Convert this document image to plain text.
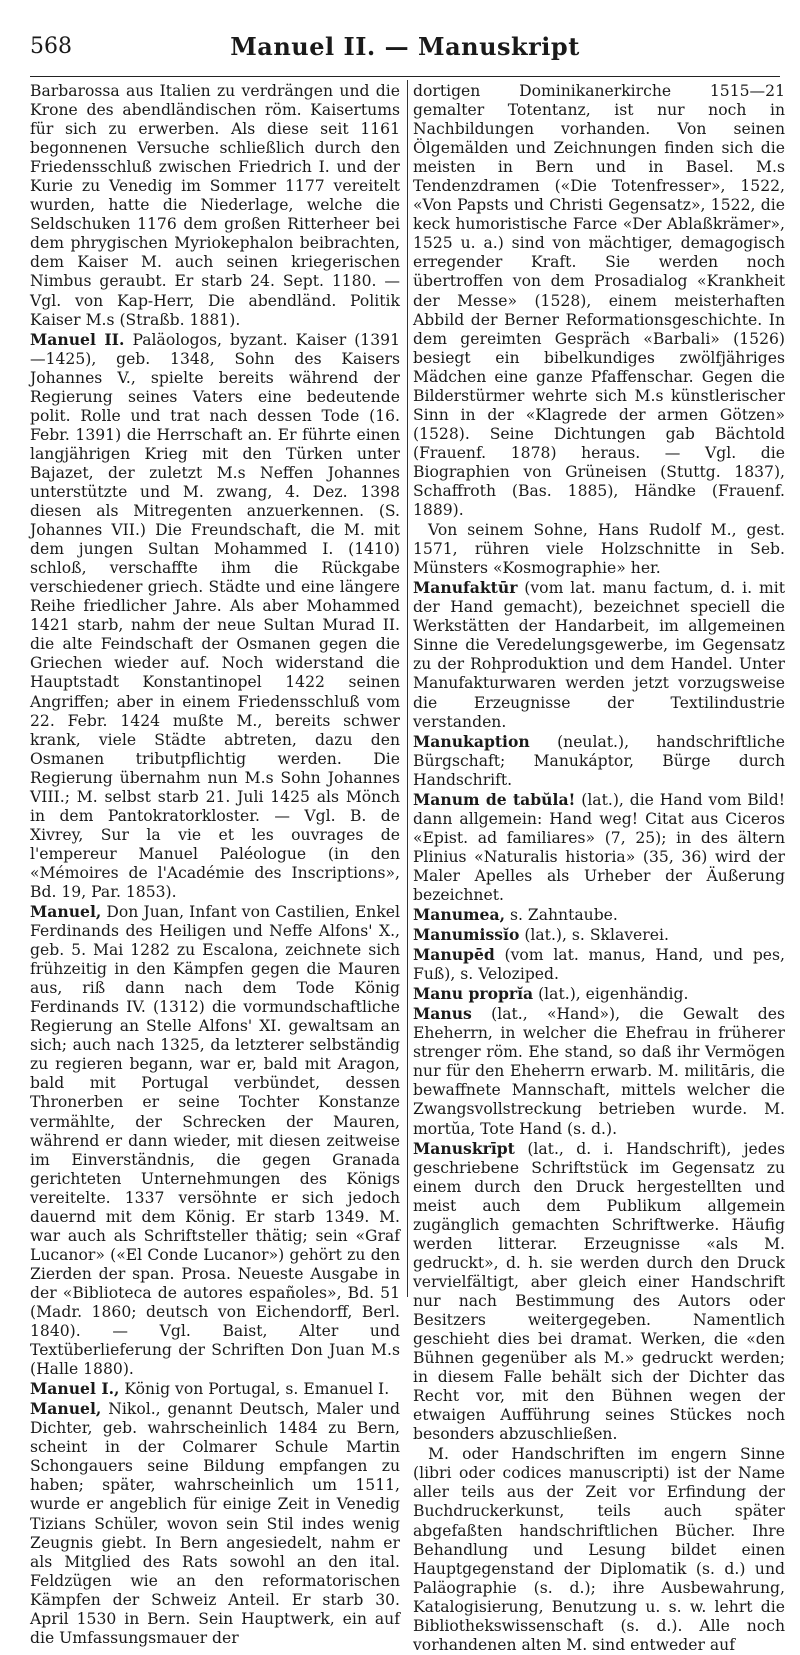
568	Manuel II. — Manuskript

Barbarossa aus Italien zu verdrängen und die Krone des abendländischen röm. Kaisertums für sich zu erwerben. Als diese seit 1161 begonnenen Versuche schließlich durch den Friedensschluß zwischen Friedrich I. und der Kurie zu Venedig im Sommer 1177 vereitelt wurden, hatte die Niederlage, welche die Seldschuken 1176 dem großen Ritterheer bei dem phrygischen Myriokephalon beibrachten, dem Kaiser M. auch seinen kriegerischen Nimbus geraubt. Er starb 24. Sept. 1180. — Vgl. von Kap-Herr, Die abendländ. Politik Kaiser M.s (Straßb. 1881).

Manuel II. Paläologos, byzant. Kaiser (1391—1425), geb. 1348, Sohn des Kaisers Johannes V., spielte bereits während der Regierung seines Vaters eine bedeutende polit. Rolle und trat nach dessen Tode (16. Febr. 1391) die Herrschaft an. Er führte einen langjährigen Krieg mit den Türken unter Bajazet, der zuletzt M.s Neffen Johannes unterstützte und M. zwang, 4. Dez. 1398 diesen als Mitregenten anzuerkennen. (S. Johannes VII.) Die Freundschaft, die M. mit dem jungen Sultan Mohammed I. (1410) schloß, verschaffte ihm die Rückgabe verschiedener griech. Städte und eine längere Reihe friedlicher Jahre. Als aber Mohammed 1421 starb, nahm der neue Sultan Murad II. die alte Feindschaft der Osmanen gegen die Griechen wieder auf. Noch widerstand die Hauptstadt Konstantinopel 1422 seinen Angriffen; aber in einem Friedensschluß vom 22. Febr. 1424 mußte M., bereits schwer krank, viele Städte abtreten, dazu den Osmanen tributpflichtig werden. Die Regierung übernahm nun M.s Sohn Johannes VIII.; M. selbst starb 21. Juli 1425 als Mönch in dem Pantokratorkloster. — Vgl. B. de Xivrey, Sur la vie et les ouvrages de l'empereur Manuel Paléologue (in den «Mémoires de l'Académie des Inscriptions», Bd. 19, Par. 1853).

Manuel, Don Juan, Infant von Castilien, Enkel Ferdinands des Heiligen und Neffe Alfons' X., geb. 5. Mai 1282 zu Escalona, zeichnete sich frühzeitig in den Kämpfen gegen die Mauren aus, riß dann nach dem Tode König Ferdinands IV. (1312) die vormundschaftliche Regierung an Stelle Alfons' XI. gewaltsam an sich; auch nach 1325, da letzterer selbständig zu regieren begann, war er, bald mit Aragon, bald mit Portugal verbündet, dessen Thronerben er seine Tochter Konstanze vermählte, der Schrecken der Mauren, während er dann wieder, mit diesen zeitweise im Einverständnis, die gegen Granada gerichteten Unternehmungen des Königs vereitelte. 1337 versöhnte er sich jedoch dauernd mit dem König. Er starb 1349. M. war auch als Schriftsteller thätig; sein «Graf Lucanor» («El Conde Lucanor») gehört zu den Zierden der span. Prosa. Neueste Ausgabe in der «Biblioteca de autores españoles», Bd. 51 (Madr. 1860; deutsch von Eichendorff, Berl. 1840). — Vgl. Baist, Alter und Textüberlieferung der Schriften Don Juan M.s (Halle 1880).

Manuel I., König von Portugal, s. Emanuel I.

Manuel, Nikol., genannt Deutsch, Maler und Dichter, geb. wahrscheinlich 1484 zu Bern, scheint in der Colmarer Schule Martin Schongauers seine Bildung empfangen zu haben; später, wahrscheinlich um 1511, wurde er angeblich für einige Zeit in Venedig Tizians Schüler, wovon sein Stil indes wenig Zeugnis giebt. In Bern angesiedelt, nahm er als Mitglied des Rats sowohl an den ital. Feldzügen wie an den reformatorischen Kämpfen der Schweiz Anteil. Er starb 30. April 1530 in Bern. Sein Hauptwerk, ein auf die Umfassungsmauer der

dortigen Dominikanerkirche 1515—21 gemalter Totentanz, ist nur noch in Nachbildungen vorhanden. Von seinen Ölgemälden und Zeichnungen finden sich die meisten in Bern und in Basel. M.s Tendenzdramen («Die Totenfresser», 1522, «Von Papsts und Christi Gegensatz», 1522, die keck humoristische Farce «Der Ablaßkrämer», 1525 u. a.) sind von mächtiger, demagogisch erregender Kraft. Sie werden noch übertroffen von dem Prosadialog «Krankheit der Messe» (1528), einem meisterhaften Abbild der Berner Reformationsgeschichte. In dem gereimten Gespräch «Barbali» (1526) besiegt ein bibelkundiges zwölfjähriges Mädchen eine ganze Pfaffenschar. Gegen die Bilderstürmer wehrte sich M.s künstlerischer Sinn in der «Klagrede der armen Götzen» (1528). Seine Dichtungen gab Bächtold (Frauenf. 1878) heraus. — Vgl. die Biographien von Grüneisen (Stuttg. 1837), Schaffroth (Bas. 1885), Händke (Frauenf. 1889).

Von seinem Sohne, Hans Rudolf M., gest. 1571, rühren viele Holzschnitte in Seb. Münsters «Kosmographie» her.

Manufaktūr (vom lat. manu factum, d. i. mit der Hand gemacht), bezeichnet speciell die Werkstätten der Handarbeit, im allgemeinen Sinne die Veredelungsgewerbe, im Gegensatz zu der Rohproduktion und dem Handel. Unter Manufakturwaren werden jetzt vorzugsweise die Erzeugnisse der Textilindustrie verstanden.

Manukaption (neulat.), handschriftliche Bürgschaft; Manukáptor, Bürge durch Handschrift.

Manum de tabŭla! (lat.), die Hand vom Bild! dann allgemein: Hand weg! Citat aus Ciceros «Epist. ad familiares» (7, 25); in des ältern Plinius «Naturalis historia» (35, 36) wird der Maler Apelles als Urheber der Äußerung bezeichnet.

Manumea, s. Zahntaube.

Manumissĭo (lat.), s. Sklaverei.

Manupēd (vom lat. manus, Hand, und pes, Fuß), s. Veloziped.

Manu proprĭa (lat.), eigenhändig.

Manus (lat., «Hand»), die Gewalt des Eheherrn, in welcher die Ehefrau in früherer strenger röm. Ehe stand, so daß ihr Vermögen nur für den Eheherrn erwarb. M. militāris, die bewaffnete Mannschaft, mittels welcher die Zwangsvollstreckung betrieben wurde. M. mortŭa, Tote Hand (s. d.).

Manuskrīpt (lat., d. i. Handschrift), jedes geschriebene Schriftstück im Gegensatz zu einem durch den Druck hergestellten und meist auch dem Publikum allgemein zugänglich gemachten Schriftwerke. Häufig werden litterar. Erzeugnisse «als M. gedruckt», d. h. sie werden durch den Druck vervielfältigt, aber gleich einer Handschrift nur nach Bestimmung des Autors oder Besitzers weitergegeben. Namentlich geschieht dies bei dramat. Werken, die «den Bühnen gegenüber als M.» gedruckt werden; in diesem Falle behält sich der Dichter das Recht vor, mit den Bühnen wegen der etwaigen Aufführung seines Stückes noch besonders abzuschließen.

M. oder Handschriften im engern Sinne (libri oder codices manuscripti) ist der Name aller teils aus der Zeit vor Erfindung der Buchdruckerkunst, teils auch später abgefaßten handschriftlichen Bücher. Ihre Behandlung und Lesung bildet einen Hauptgegenstand der Diplomatik (s. d.) und Paläographie (s. d.); ihre Ausbewahrung, Katalogisierung, Benutzung u. s. w. lehrt die Bibliothekswissenschaft (s. d.). Alle noch vorhandenen alten M. sind entweder auf
